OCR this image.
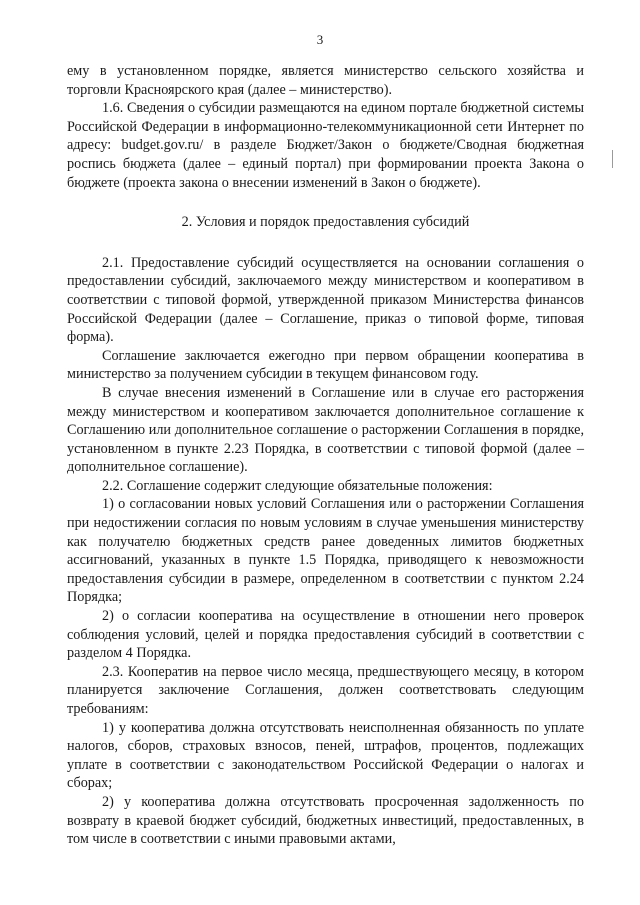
3

ему в установленном порядке, является министерство сельского хозяйства и торговли Красноярского края (далее – министерство).

1.6. Сведения о субсидии размещаются на едином портале бюджетной системы Российской Федерации в информационно-телекоммуникационной сети Интернет по адресу: budget.gov.ru/ в разделе Бюджет/Закон о бюджете/Сводная бюджетная роспись бюджета (далее – единый портал) при формировании проекта Закона о бюджете (проекта закона о внесении изменений в Закон о бюджете).

2. Условия и порядок предоставления субсидий

2.1. Предоставление субсидий осуществляется на основании соглашения о предоставлении субсидий, заключаемого между министерством и кооперативом в соответствии с типовой формой, утвержденной приказом Министерства финансов Российской Федерации (далее – Соглашение, приказ о типовой форме, типовая форма).

Соглашение заключается ежегодно при первом обращении кооператива в министерство за получением субсидии в текущем финансовом году.

В случае внесения изменений в Соглашение или в случае его расторжения между министерством и кооперативом заключается дополнительное соглашение к Соглашению или дополнительное соглашение о расторжении Соглашения в порядке, установленном в пункте 2.23 Порядка, в соответствии с типовой формой (далее – дополнительное соглашение).

2.2. Соглашение содержит следующие обязательные положения:

1) о согласовании новых условий Соглашения или о расторжении Соглашения при недостижении согласия по новым условиям в случае уменьшения министерству как получателю бюджетных средств ранее доведенных лимитов бюджетных ассигнований, указанных в пункте 1.5 Порядка, приводящего к невозможности предоставления субсидии в размере, определенном в соответствии с пунктом 2.24 Порядка;

2) о согласии кооператива на осуществление в отношении него проверок соблюдения условий, целей и порядка предоставления субсидий в соответствии с разделом 4 Порядка.

2.3. Кооператив на первое число месяца, предшествующего месяцу, в котором планируется заключение Соглашения, должен соответствовать следующим требованиям:

1) у кооператива должна отсутствовать неисполненная обязанность по уплате налогов, сборов, страховых взносов, пеней, штрафов, процентов, подлежащих уплате в соответствии с законодательством Российской Федерации о налогах и сборах;

2) у кооператива должна отсутствовать просроченная задолженность по возврату в краевой бюджет субсидий, бюджетных инвестиций, предоставленных, в том числе в соответствии с иными правовыми актами,
